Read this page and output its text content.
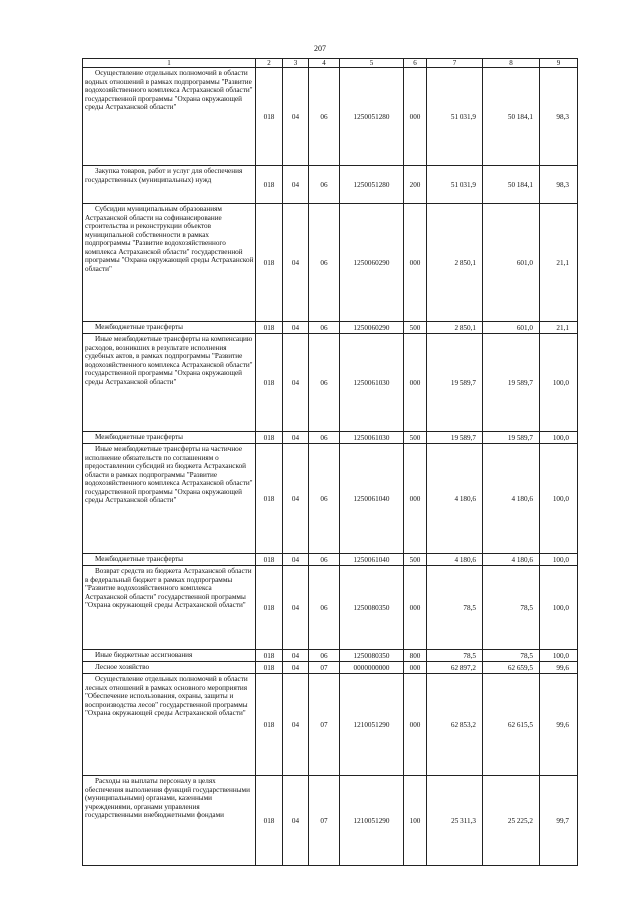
207
1	2	3	4	5	6	7	8	9

Осуществление отдельных полномочий в области водных отношений в рамках подпрограммы "Развитие водохозяйственного комплекса Астраханской области" государственной программы "Охрана окружающей среды Астраханской области"	018	04	06	1250051280	000	51 031,9	50 184,1	98,3

Закупка товаров, работ и услуг для обеспечения государственных (муниципальных) нужд	018	04	06	1250051280	200	51 031,9	50 184,1	98,3

Субсидии муниципальным образованиям Астраханской области на софинансирование строительства и реконструкции объектов муниципальной собственности в рамках подпрограммы "Развитие водохозяйственного комплекса Астраханской области" государственной программы "Охрана окружающей среды Астраханской области"	018	04	06	1250060290	000	2 850,1	601,0	21,1

Межбюджетные трансферты	018	04	06	1250060290	500	2 850,1	601,0	21,1

Иные межбюджетные трансферты на компенсацию расходов, возникших в результате исполнения судебных актов, в рамках подпрограммы "Развитие водохозяйственного комплекса Астраханской области" государственной программы "Охрана окружающей среды Астраханской области"	018	04	06	1250061030	000	19 589,7	19 589,7	100,0

Межбюджетные трансферты	018	04	06	1250061030	500	19 589,7	19 589,7	100,0

Иные межбюджетные трансферты на частичное исполнение обязательств по соглашениям о предоставлении субсидий из бюджета Астраханской области в рамках подпрограммы "Развитие водохозяйственного комплекса Астраханской области" государственной программы "Охрана окружающей среды Астраханской области"	018	04	06	1250061040	000	4 180,6	4 180,6	100,0

Межбюджетные трансферты	018	04	06	1250061040	500	4 180,6	4 180,6	100,0

Возврат средств из бюджета Астраханской области в федеральный бюджет в рамках подпрограммы "Развитие водохозяйственного комплекса Астраханской области" государственной программы "Охрана окружающей среды Астраханской области"	018	04	06	1250080350	000	78,5	78,5	100,0

Иные бюджетные ассигнования	018	04	06	1250080350	800	78,5	78,5	100,0

Лесное хозяйство	018	04	07	0000000000	000	62 897,2	62 659,5	99,6

Осуществление отдельных полномочий в области лесных отношений в рамках основного мероприятия "Обеспечение использования, охраны, защиты и воспроизводства лесов" государственной программы "Охрана окружающей среды Астраханской области"	018	04	07	1210051290	000	62 853,2	62 615,5	99,6

Расходы на выплаты персоналу в целях обеспечения выполнения функций государственными (муниципальными) органами, казенными учреждениями, органами управления государственными внебюджетными фондами	018	04	07	1210051290	100	25 311,3	25 225,2	99,7
